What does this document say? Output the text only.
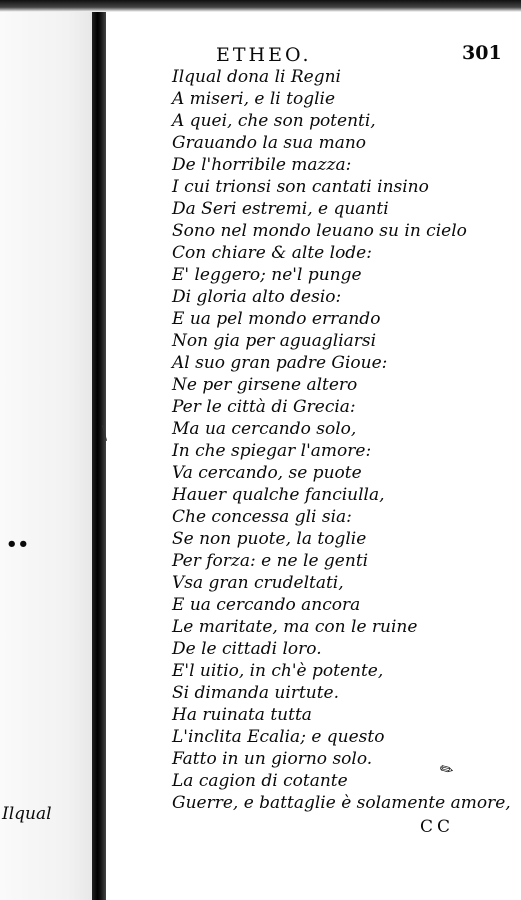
••
Ilqual
ETHEO.	301
Ilqual dona li Regni
A miseri, e li toglie
A quei, che son potenti,
Grauando la sua mano
De l'horribile mazza:
I cui trionsi son cantati insino
Da Seri estremi, e quanti
Sono nel mondo leuano su in cielo
Con chiare & alte lode:
E' leggero; ne'l punge
Di gloria alto desio:
E ua pel mondo errando
Non gia per aguagliarsi
Al suo gran padre Gioue:
Ne per girsene altero
Per le città di Grecia:
Ma ua cercando solo,
In che spiegar l'amore:
Va cercando, se puote
Hauer qualche fanciulla,
Che concessa gli sia:
Se non puote, la toglie
Per forza: e ne le genti
Vsa gran crudeltati,
E ua cercando ancora
Le maritate, ma con le ruine
De le cittadi loro.
E'l uitio, in ch'è potente,
Si dimanda uirtute.
Ha ruinata tutta
L'inclita Ecalia; e questo
Fatto in un giorno solo.
La cagion di cotante
Guerre, e battaglie è solamente amore,
✎
CC
